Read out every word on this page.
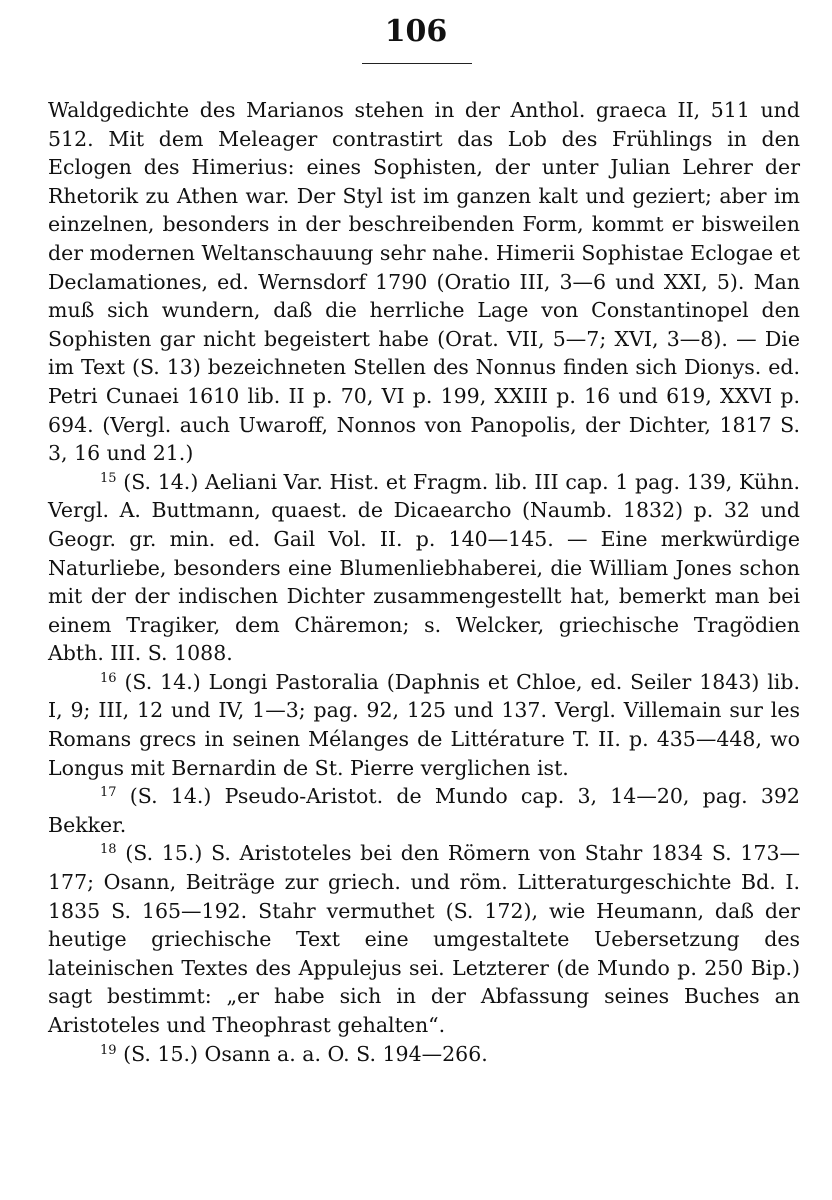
106

Waldgedichte des Marianos stehen in der Anthol. graeca II, 511 und 512. Mit dem Meleager contrastirt das Lob des Frühlings in den Eclogen des Himerius: eines Sophisten, der unter Julian Lehrer der Rhetorik zu Athen war. Der Styl ist im ganzen kalt und geziert; aber im einzelnen, besonders in der beschreibenden Form, kommt er bisweilen der modernen Weltanschauung sehr nahe. Himerii Sophistae Eclogae et Declamationes, ed. Wernsdorf 1790 (Oratio III, 3—6 und XXI, 5). Man muß sich wundern, daß die herrliche Lage von Constantinopel den Sophisten gar nicht begeistert habe (Orat. VII, 5—7; XVI, 3—8). — Die im Text (S. 13) bezeichneten Stellen des Nonnus finden sich Dionys. ed. Petri Cunaei 1610 lib. II p. 70, VI p. 199, XXIII p. 16 und 619, XXVI p. 694. (Vergl. auch Uwaroff, Nonnos von Panopolis, der Dichter, 1817 S. 3, 16 und 21.)

$^{15}$ (S. 14.) Aeliani Var. Hist. et Fragm. lib. III cap. 1 pag. 139, Kühn. Vergl. A. Buttmann, quaest. de Dicaearcho (Naumb. 1832) p. 32 und Geogr. gr. min. ed. Gail Vol. II. p. 140—145. — Eine merkwürdige Naturliebe, besonders eine Blumenliebhaberei, die William Jones schon mit der der indischen Dichter zusammengestellt hat, bemerkt man bei einem Tragiker, dem Chäremon; s. Welcker, griechische Tragödien Abth. III. S. 1088.

$^{16}$ (S. 14.) Longi Pastoralia (Daphnis et Chloe, ed. Seiler 1843) lib. I, 9; III, 12 und IV, 1—3; pag. 92, 125 und 137. Vergl. Villemain sur les Romans grecs in seinen Mélanges de Littérature T. II. p. 435—448, wo Longus mit Bernardin de St. Pierre verglichen ist.

$^{17}$ (S. 14.) Pseudo-Aristot. de Mundo cap. 3, 14—20, pag. 392 Bekker.

$^{18}$ (S. 15.) S. Aristoteles bei den Römern von Stahr 1834 S. 173—177; Osann, Beiträge zur griech. und röm. Litteraturgeschichte Bd. I. 1835 S. 165—192. Stahr vermuthet (S. 172), wie Heumann, daß der heutige griechische Text eine umgestaltete Uebersetzung des lateinischen Textes des Appulejus sei. Letzterer (de Mundo p. 250 Bip.) sagt bestimmt: „er habe sich in der Abfassung seines Buches an Aristoteles und Theophrast gehalten“.

$^{19}$ (S. 15.) Osann a. a. O. S. 194—266.
